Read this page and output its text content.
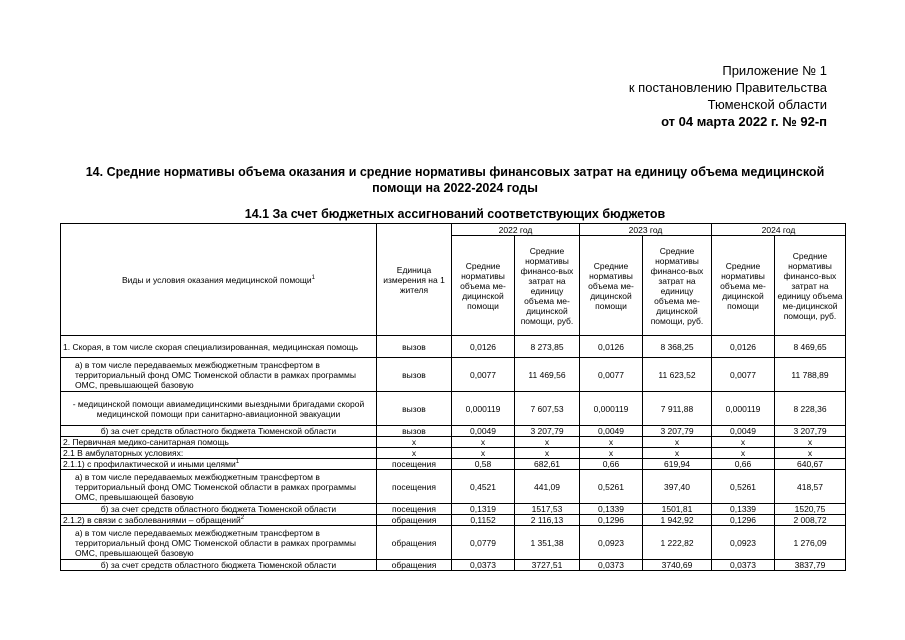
Приложение № 1
к постановлению Правительства
Тюменской области
от 04 марта 2022 г. № 92-п
14. Средние нормативы объема оказания и средние нормативы финансовых затрат на единицу объема медицинской
помощи на 2022-2024 годы
14.1 За счет бюджетных ассигнований соответствующих бюджетов
Виды и условия оказания медицинской помощи$^1$	Единица измерения на 1 жителя	2022 год		2023 год		2024 год	
		Средние нормативы объема ме-дицинской помощи	Средние нормативы финансо-вых затрат на единицу объема ме-дицинской помощи, руб.	Средние нормативы объема ме-дицинской помощи	Средние нормативы финансо-вых затрат на единицу объема ме-дицинской помощи, руб.	Средние нормативы объема ме-дицинской помощи	Средние нормативы финансо-вых затрат на единицу объема ме-дицинской помощи, руб.
1. Скорая, в том числе скорая специализированная, медицинская помощь	вызов	0,0126	8 273,85	0,0126	8 368,25	0,0126	8 469,65
а) в том числе передаваемых межбюджетным трансфертом в территориальный фонд ОМС Тюменской области в рамках программы ОМС, превышающей базовую	вызов	0,0077	11 469,56	0,0077	11 623,52	0,0077	11 788,89
- медицинской помощи авиамедицинскими выездными бригадами скорой медицинской помощи при санитарно-авиационной эвакуации	вызов	0,000119	7 607,53	0,000119	7 911,88	0,000119	8 228,36
б) за счет средств областного бюджета Тюменской области	вызов	0,0049	3 207,79	0,0049	3 207,79	0,0049	3 207,79
2. Первичная медико-санитарная помощь	х	х	х	х	х	х	х
2.1 В амбулаторных условиях:	х	х	х	х	х	х	х
2.1.1) с профилактической и иными целями$^1$	посещения	0,58	682,61	0,66	619,94	0,66	640,67
а) в том числе передаваемых межбюджетным трансфертом в территориальный фонд ОМС Тюменской области в рамках программы ОМС, превышающей базовую	посещения	0,4521	441,09	0,5261	397,40	0,5261	418,57
б) за счет средств областного бюджета Тюменской области	посещения	0,1319	1517,53	0,1339	1501,81	0,1339	1520,75
2.1.2) в связи с заболеваниями – обращений$^2$	обращения	0,1152	2 116,13	0,1296	1 942,92	0,1296	2 008,72
а) в том числе передаваемых межбюджетным трансфертом в территориальный фонд ОМС Тюменской области в рамках программы ОМС, превышающей базовую	обращения	0,0779	1 351,38	0,0923	1 222,82	0,0923	1 276,09
б) за счет средств областного бюджета Тюменской области	обращения	0,0373	3727,51	0,0373	3740,69	0,0373	3837,79
